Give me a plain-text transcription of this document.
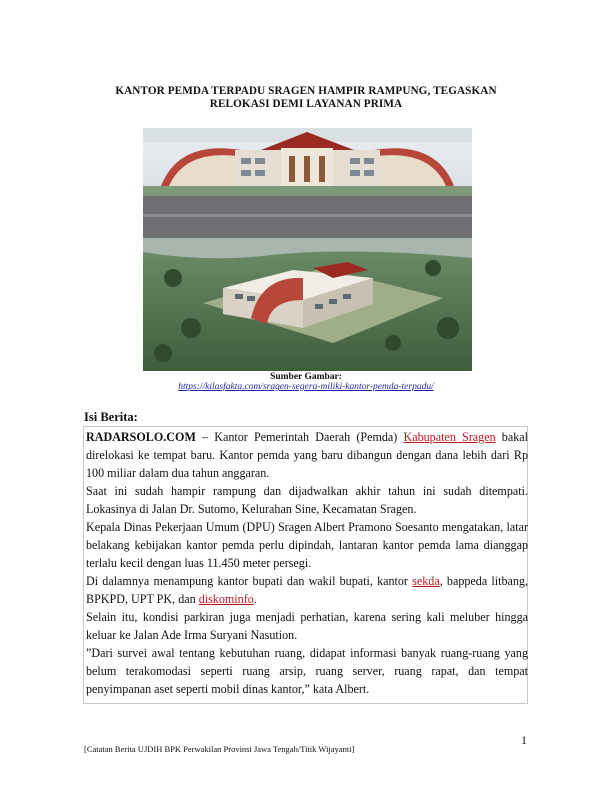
KANTOR PEMDA TERPADU SRAGEN HAMPIR RAMPUNG, TEGASKAN
RELOKASI DEMI LAYANAN PRIMA
Sumber Gambar:
https://kilasfakta.com/sragen-segera-miliki-kantor-pemda-terpadu/
Isi Berita:

RADARSOLO.COM – Kantor Pemerintah Daerah (Pemda) Kabupaten Sragen bakal direlokasi ke tempat baru. Kantor pemda yang baru dibangun dengan dana lebih dari Rp 100 miliar dalam dua tahun anggaran.

Saat ini sudah hampir rampung dan dijadwalkan akhir tahun ini sudah ditempati. Lokasinya di Jalan Dr. Sutomo, Kelurahan Sine, Kecamatan Sragen.

Kepala Dinas Pekerjaan Umum (DPU) Sragen Albert Pramono Soesanto mengatakan, latar belakang kebijakan kantor pemda perlu dipindah, lantaran kantor pemda lama dianggap terlalu kecil dengan luas 11.450 meter persegi.

Di dalamnya menampung kantor bupati dan wakil bupati, kantor sekda, bappeda litbang, BPKPD, UPT PK, dan diskominfo.

Selain itu, kondisi parkiran juga menjadi perhatian, karena sering kali meluber hingga keluar ke Jalan Ade Irma Suryani Nasution.

”Dari survei awal tentang kebutuhan ruang, didapat informasi banyak ruang-ruang yang belum terakomodasi seperti ruang arsip, ruang server, ruang rapat, dan tempat penyimpanan aset seperti mobil dinas kantor,” kata Albert.

1
[Catatan Berita UJDIH BPK Perwakilan Provinsi Jawa Tengah/Titik Wijayanti]
